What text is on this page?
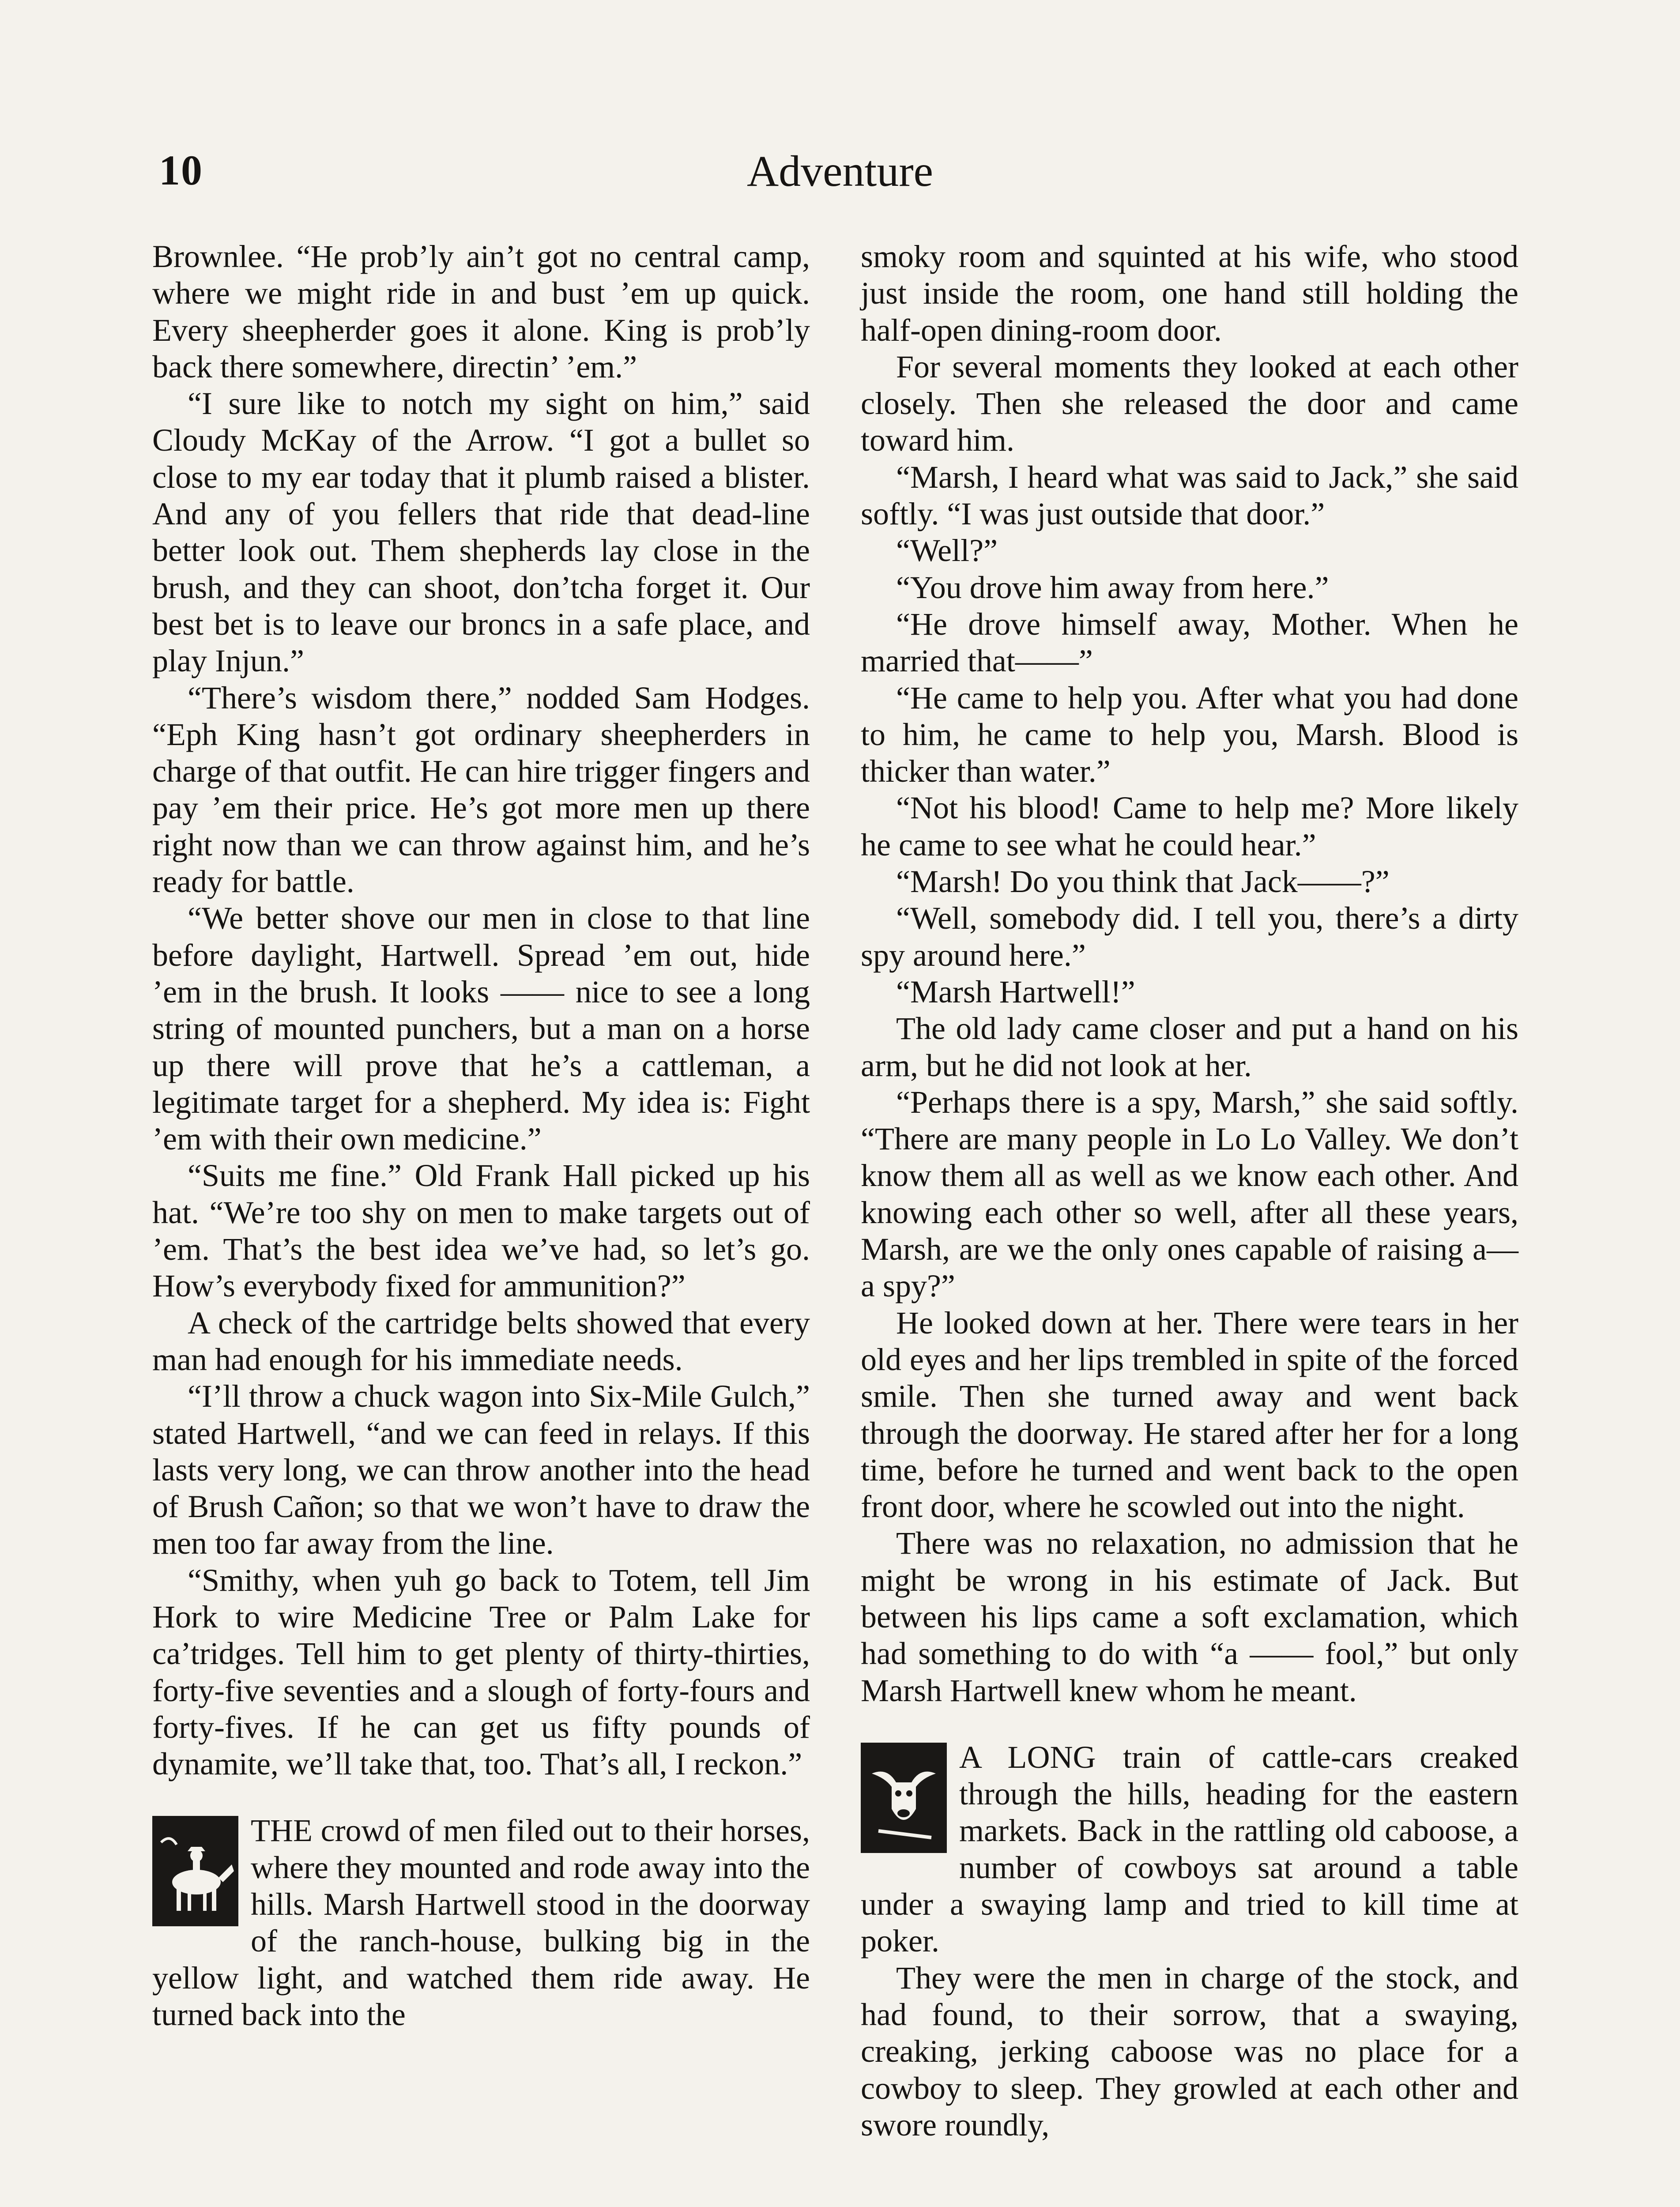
10	Adventure

Brownlee. “He prob’ly ain’t got no central camp, where we might ride in and bust ’em up quick. Every sheepherder goes it alone. King is prob’ly back there somewhere, directin’ ’em.”

“I sure like to notch my sight on him,” said Cloudy McKay of the Arrow. “I got a bullet so close to my ear today that it plumb raised a blister. And any of you fellers that ride that dead-line better look out. Them shepherds lay close in the brush, and they can shoot, don’tcha forget it. Our best bet is to leave our broncs in a safe place, and play Injun.”

“There’s wisdom there,” nodded Sam Hodges. “Eph King hasn’t got ordinary sheepherders in charge of that outfit. He can hire trigger fingers and pay ’em their price. He’s got more men up there right now than we can throw against him, and he’s ready for battle.

“We better shove our men in close to that line before daylight, Hartwell. Spread ’em out, hide ’em in the brush. It looks —— nice to see a long string of mounted punchers, but a man on a horse up there will prove that he’s a cattleman, a legitimate target for a shepherd. My idea is: Fight ’em with their own medicine.”

“Suits me fine.” Old Frank Hall picked up his hat. “We’re too shy on men to make targets out of ’em. That’s the best idea we’ve had, so let’s go. How’s everybody fixed for ammunition?”

A check of the cartridge belts showed that every man had enough for his immediate needs.

“I’ll throw a chuck wagon into Six-Mile Gulch,” stated Hartwell, “and we can feed in relays. If this lasts very long, we can throw another into the head of Brush Cañon; so that we won’t have to draw the men too far away from the line.

“Smithy, when yuh go back to Totem, tell Jim Hork to wire Medicine Tree or Palm Lake for ca’tridges. Tell him to get plenty of thirty-thirties, forty-five seventies and a slough of forty-fours and forty-fives. If he can get us fifty pounds of dynamite, we’ll take that, too. That’s all, I reckon.”

THE crowd of men filed out to their horses, where they mounted and rode away into the hills. Marsh Hartwell stood in the doorway of the ranch-house, bulking big in the yellow light, and watched them ride away. He turned back into the

smoky room and squinted at his wife, who stood just inside the room, one hand still holding the half-open dining-room door.

For several moments they looked at each other closely. Then she released the door and came toward him.

“Marsh, I heard what was said to Jack,” she said softly. “I was just outside that door.”

“Well?”

“You drove him away from here.”

“He drove himself away, Mother. When he married that——”

“He came to help you. After what you had done to him, he came to help you, Marsh. Blood is thicker than water.”

“Not his blood! Came to help me? More likely he came to see what he could hear.”

“Marsh! Do you think that Jack——?”

“Well, somebody did. I tell you, there’s a dirty spy around here.”

“Marsh Hartwell!”

The old lady came closer and put a hand on his arm, but he did not look at her.

“Perhaps there is a spy, Marsh,” she said softly. “There are many people in Lo Lo Valley. We don’t know them all as well as we know each other. And knowing each other so well, after all these years, Marsh, are we the only ones capable of raising a—a spy?”

He looked down at her. There were tears in her old eyes and her lips trembled in spite of the forced smile. Then she turned away and went back through the doorway. He stared after her for a long time, before he turned and went back to the open front door, where he scowled out into the night.

There was no relaxation, no admission that he might be wrong in his estimate of Jack. But between his lips came a soft exclamation, which had something to do with “a —— fool,” but only Marsh Hartwell knew whom he meant.

A LONG train of cattle-cars creaked through the hills, heading for the eastern markets. Back in the rattling old caboose, a number of cowboys sat around a table under a swaying lamp and tried to kill time at poker.

They were the men in charge of the stock, and had found, to their sorrow, that a swaying, creaking, jerking caboose was no place for a cowboy to sleep. They growled at each other and swore roundly,
